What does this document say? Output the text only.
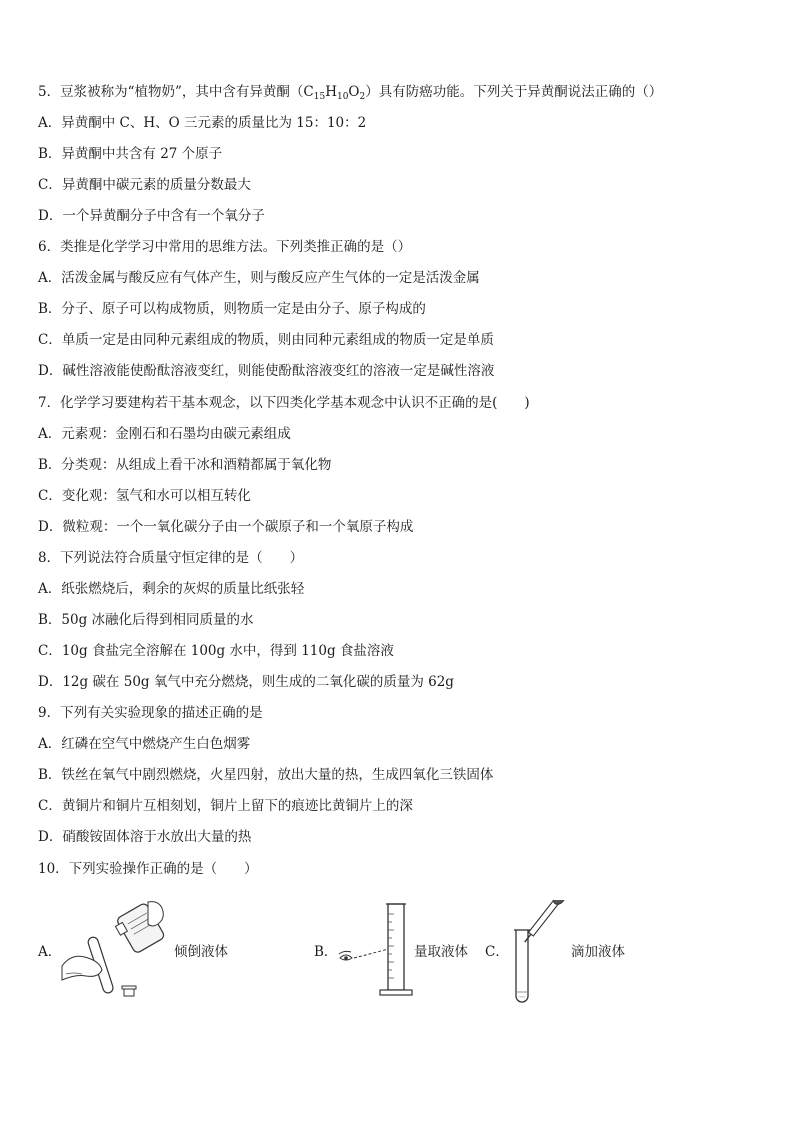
5．豆浆被称为“植物奶”，其中含有异黄酮$(C_{15}H_{10}O_2)$具有防癌功能。下列关于异黄酮说法正确的（）
A．异黄酮中 C、H、O 三元素的质量比为 15：10：2
B．异黄酮中共含有 27 个原子
C．异黄酮中碳元素的质量分数最大
D．一个异黄酮分子中含有一个氧分子
6．类推是化学学习中常用的思维方法。下列类推正确的是（）
A．活泼金属与酸反应有气体产生，则与酸反应产生气体的一定是活泼金属
B．分子、原子可以构成物质，则物质一定是由分子、原子构成的
C．单质一定是由同种元素组成的物质，则由同种元素组成的物质一定是单质
D．碱性溶液能使酚酞溶液变红，则能使酚酞溶液变红的溶液一定是碱性溶液
7．化学学习要建构若干基本观念，以下四类化学基本观念中认识不正确的是(　　)
A．元素观：金刚石和石墨均由碳元素组成
B．分类观：从组成上看干冰和酒精都属于氧化物
C．变化观：氢气和水可以相互转化
D．微粒观：一个一氧化碳分子由一个碳原子和一个氧原子构成
8．下列说法符合质量守恒定律的是（　　）
A．纸张燃烧后，剩余的灰烬的质量比纸张轻
B．50g 冰融化后得到相同质量的水
C．10g 食盐完全溶解在 100g 水中，得到 110g 食盐溶液
D．12g 碳在 50g 氧气中充分燃烧，则生成的二氧化碳的质量为 62g
9．下列有关实验现象的描述正确的是
A．红磷在空气中燃烧产生白色烟雾
B．铁丝在氧气中剧烈燃烧，火星四射，放出大量的热，生成四氧化三铁固体
C．黄铜片和铜片互相刻划，铜片上留下的痕迹比黄铜片上的深
D．硝酸铵固体溶于水放出大量的热
10．下列实验操作正确的是（　　）
A．	倾倒液体	B．	量取液体 C．	滴加液体
